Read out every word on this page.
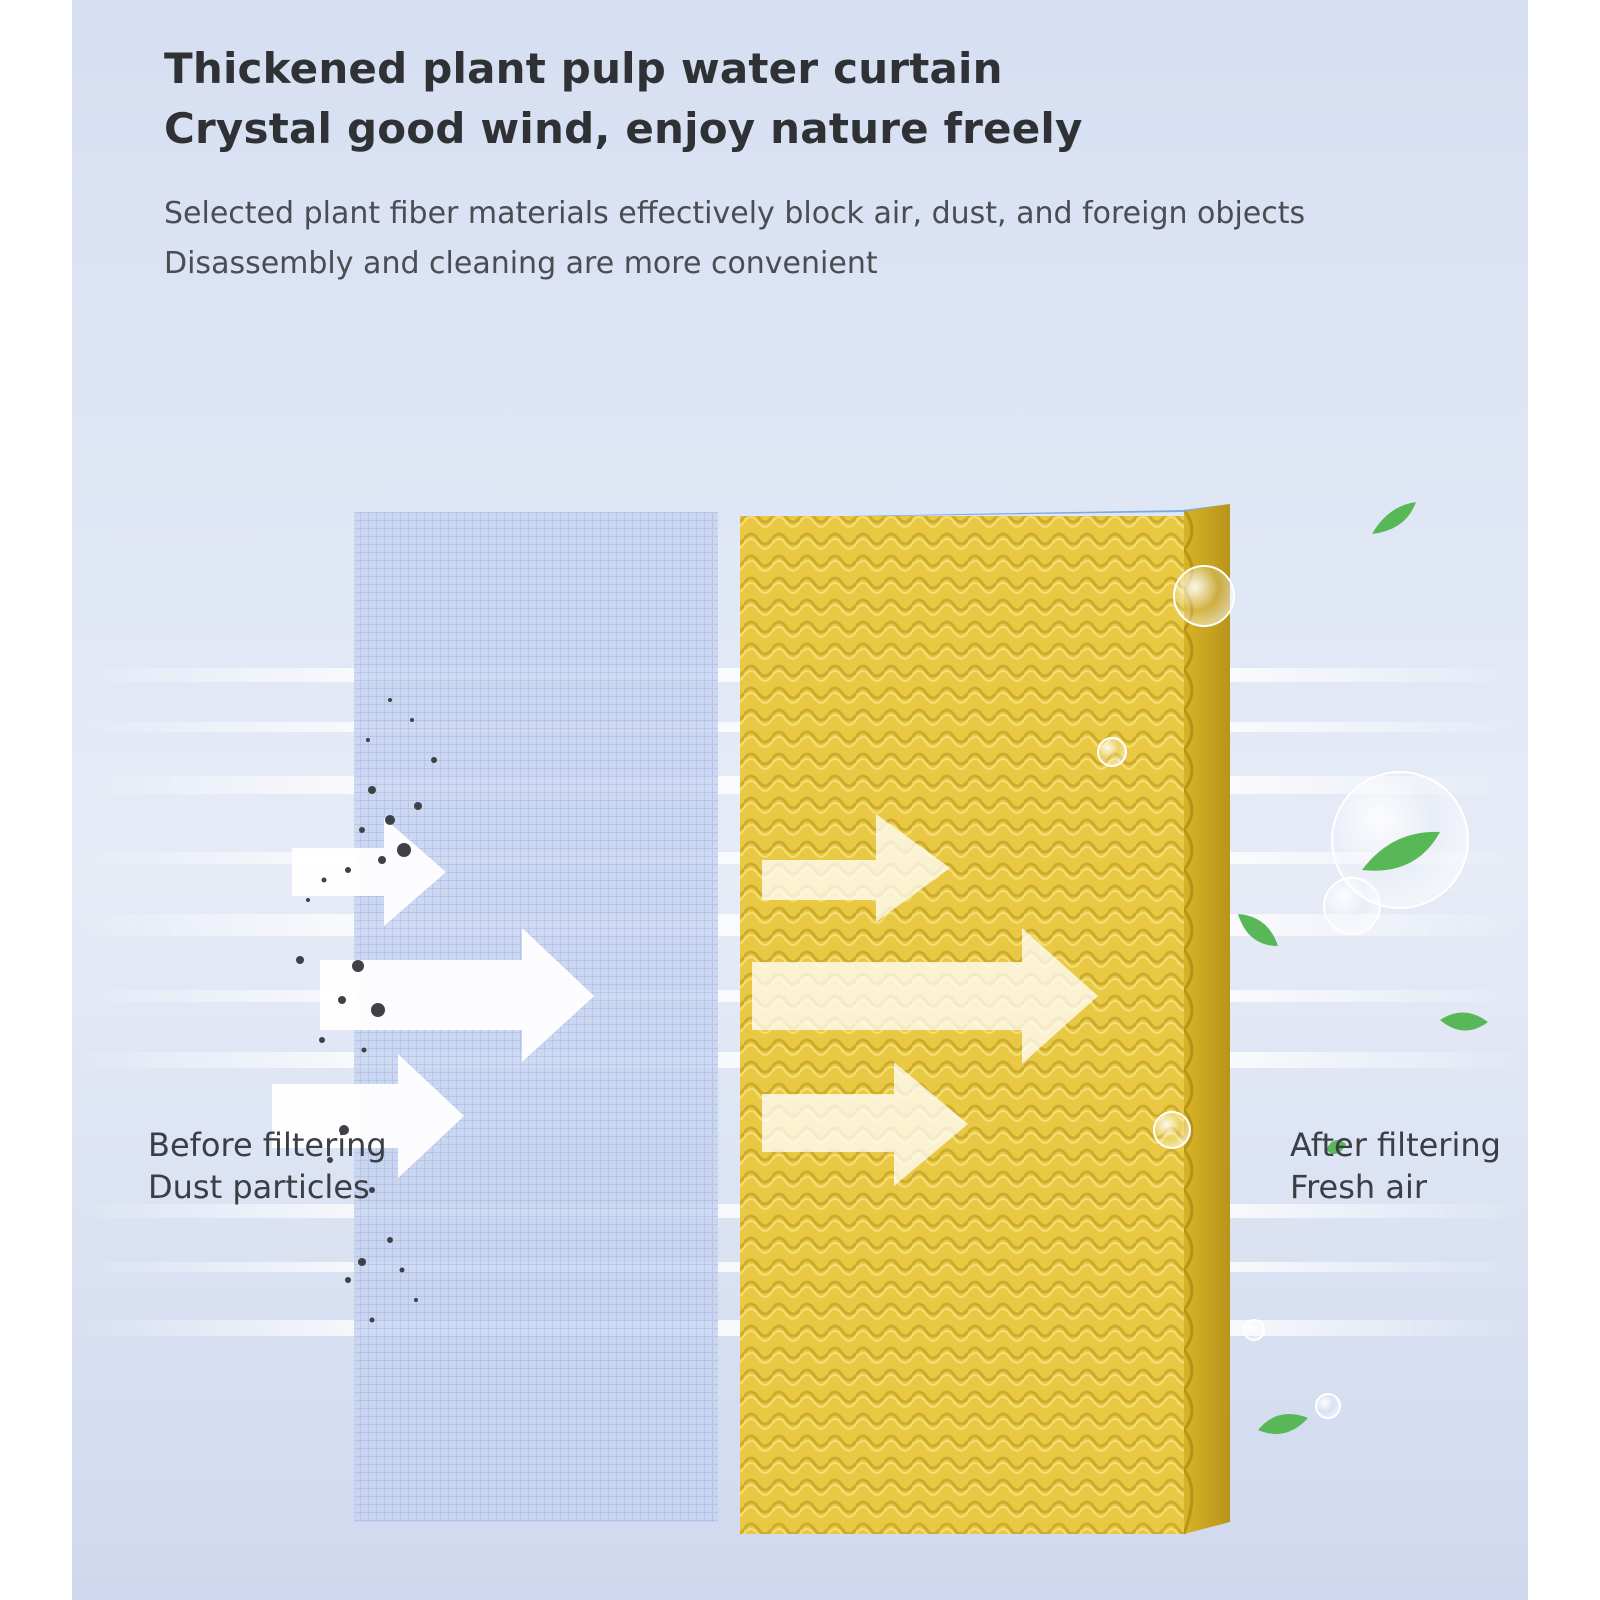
Thickened plant pulp water curtain
Crystal good wind, enjoy nature freely

Selected plant fiber materials effectively block air, dust, and foreign objects

Disassembly and cleaning are more convenient

Before filtering

Dust particles

After filtering

Fresh air
